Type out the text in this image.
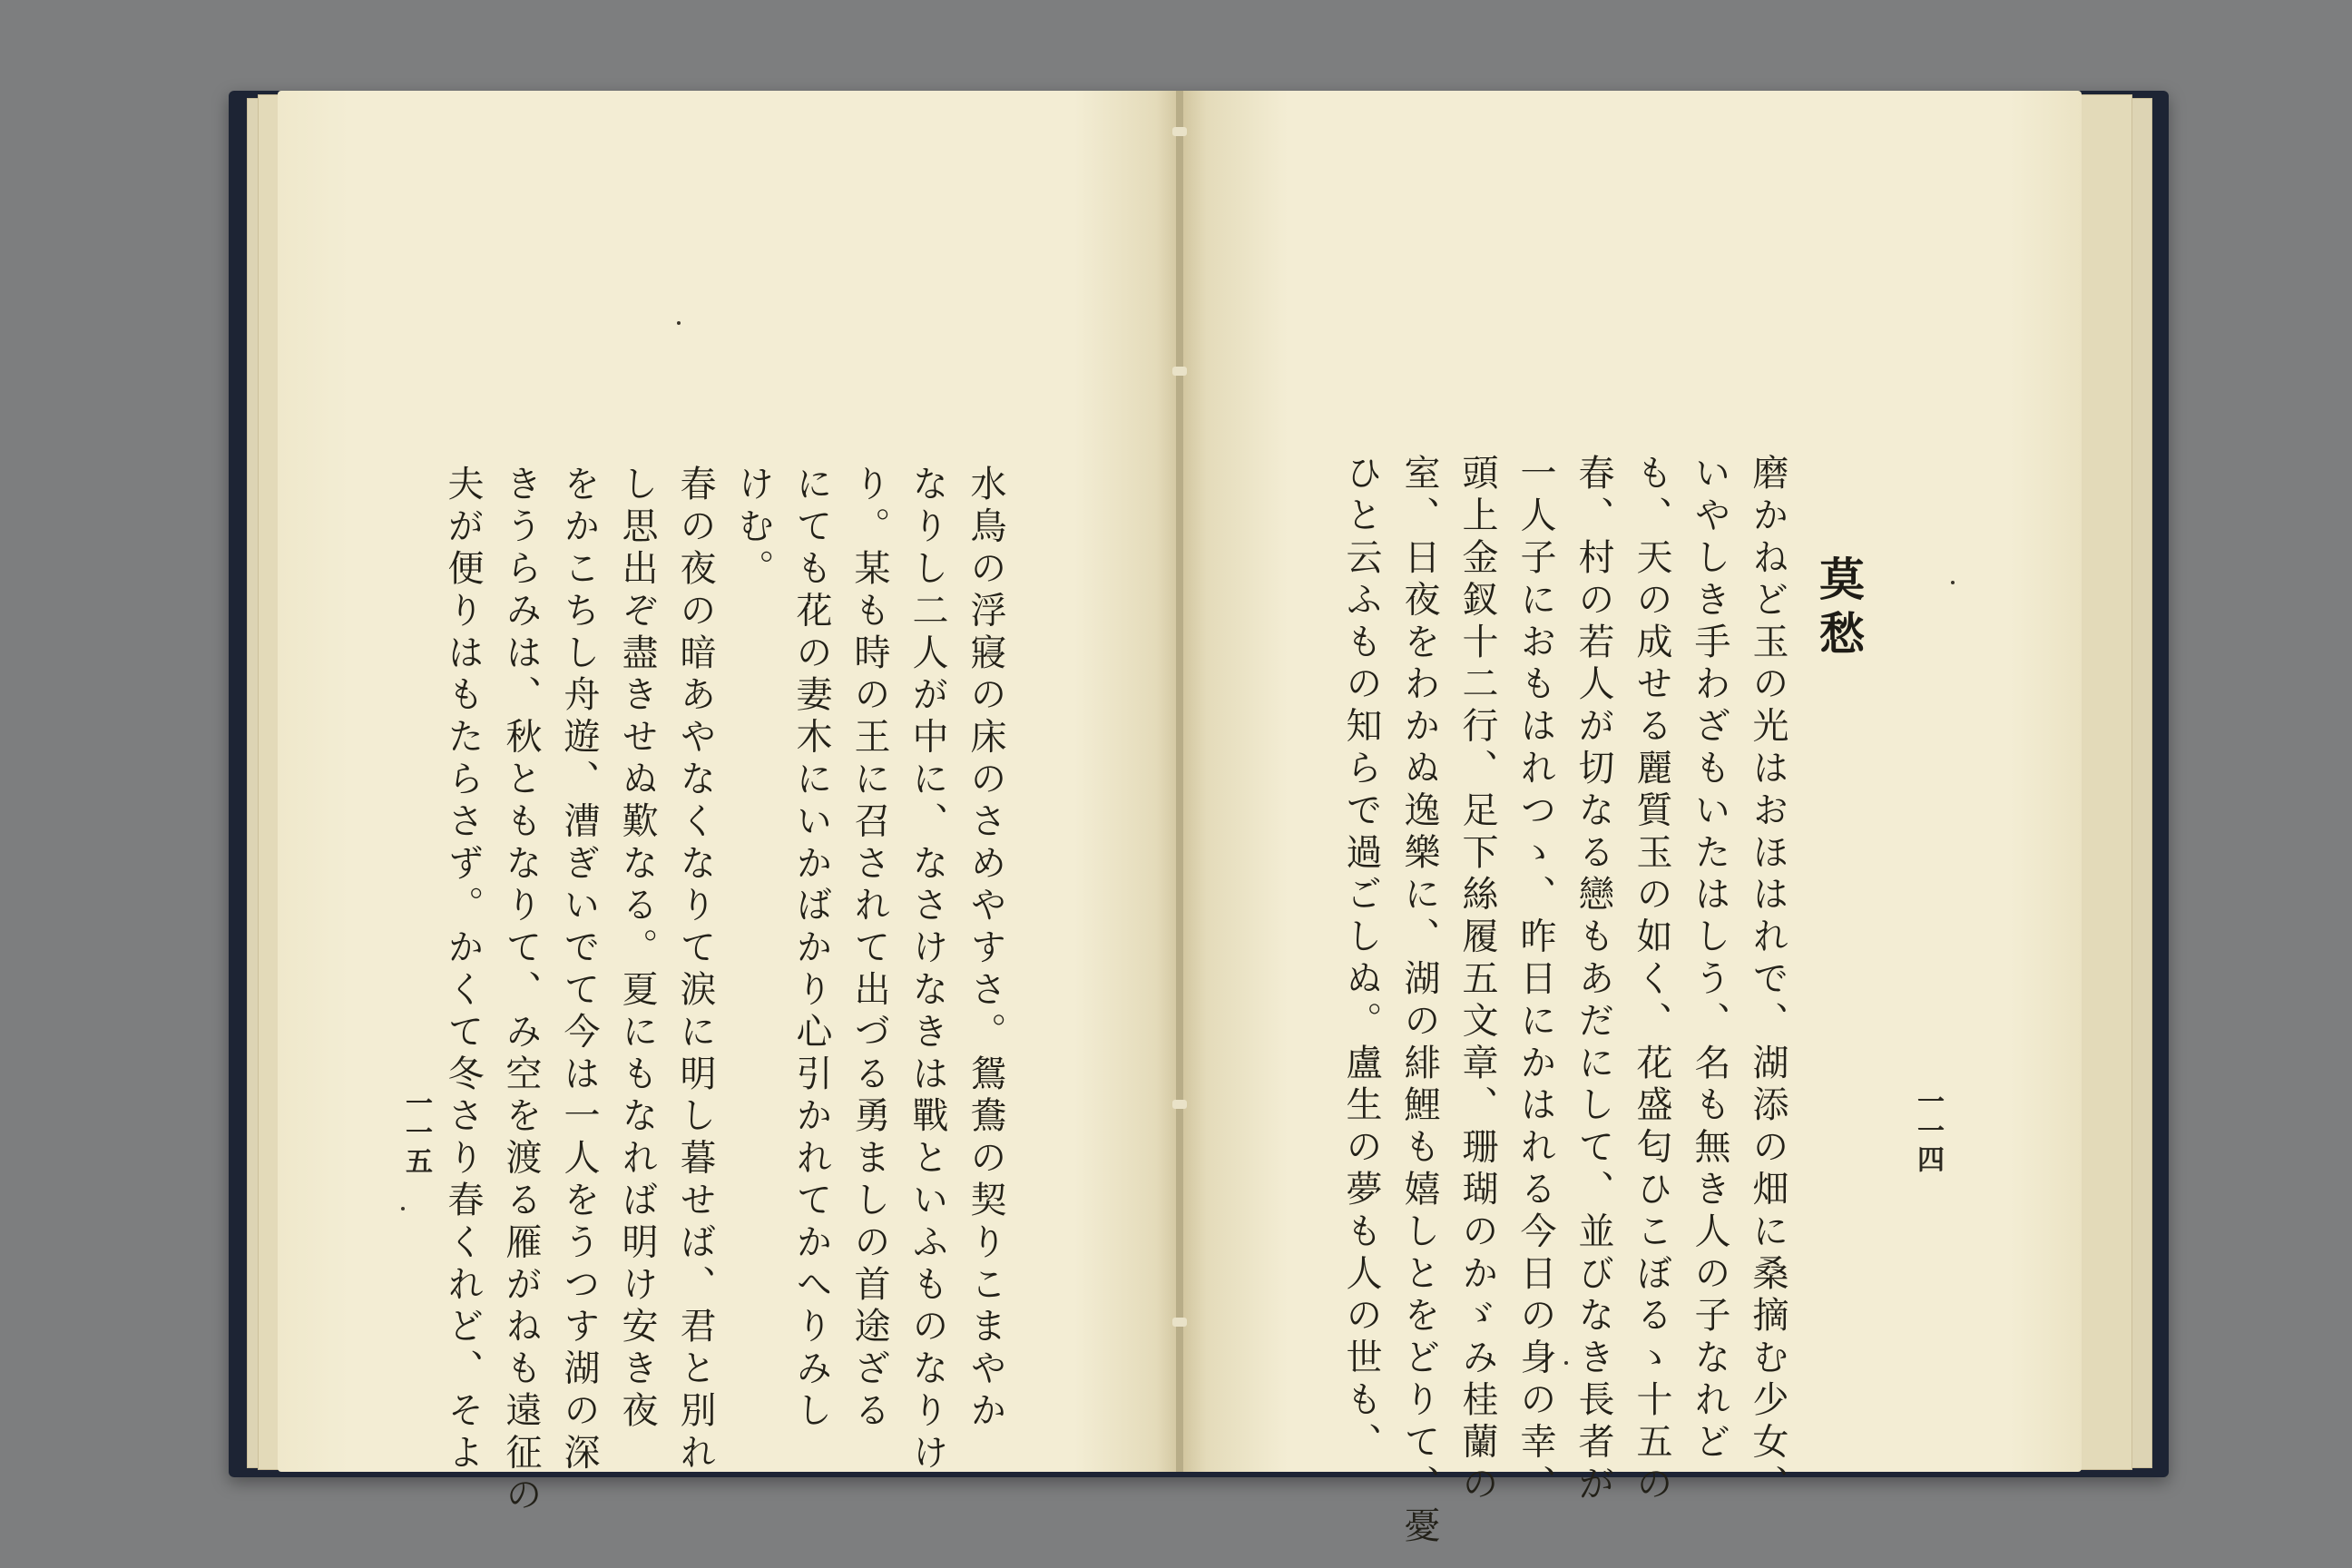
水鳥の浮寢の床のさめやすさ。鴛鴦の契りこまやか

なりし二人が中に、なさけなきは戰といふものなりけ

り。某も時の王に召されて出づる勇ましの首途ざる

にても花の妻木にいかばかり心引かれてかへりみし

けむ。

春の夜の暗あやなくなりて涙に明し暮せば、君と別れ

し思出ぞ盡きせぬ歎なる。夏にもなれば明け安き夜

をかこちし舟遊、漕ぎいでて今は一人をうつす湖の深

きうらみは、秋ともなりて、み空を渡る雁がねも遠征の

夫が便りはもたらさず。かくて冬さり春くれど、そよ

一一五
莫愁

磨かねど玉の光はおほはれで、湖添の畑に桑摘む少女、

いやしき手わざもいたはしう、名も無き人の子なれど

も、天の成せる麗質玉の如く、花盛匂ひこぼるゝ十五の

春、村の若人が切なる戀もあだにして、並びなき長者が

一人子におもはれつゝ、昨日にかはれる今日の身の幸、

頭上金釵十二行、足下絲履五文章、珊瑚のかゞみ桂蘭の

室、日夜をわかぬ逸樂に、湖の緋鯉も嬉しとをどりて、憂

ひと云ふもの知らで過ごしぬ。盧生の夢も人の世も、	一一四
